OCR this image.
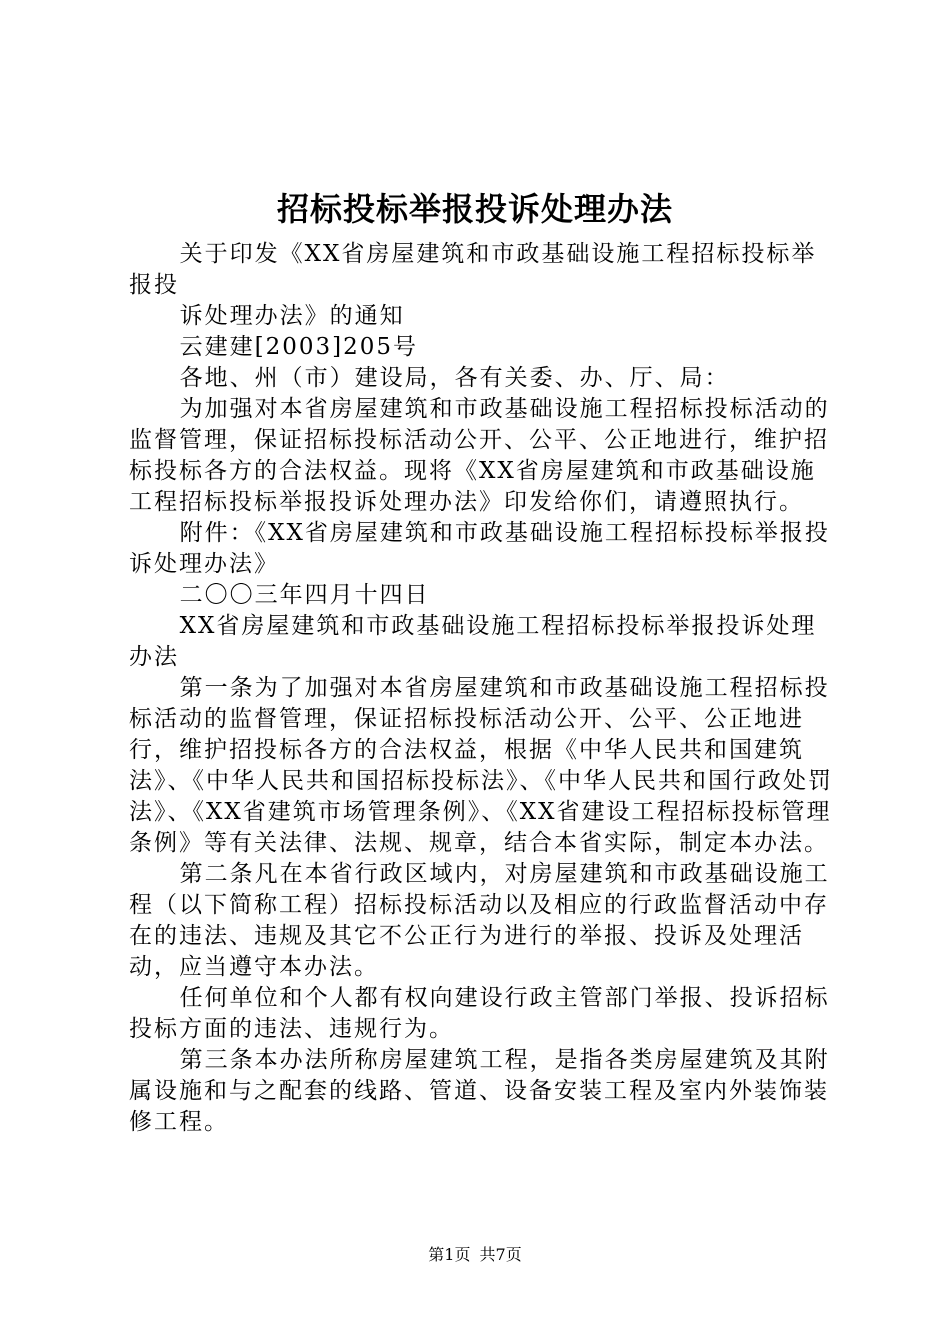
招标投标举报投诉处理办法

关于印发《XX省房屋建筑和市政基础设施工程招标投标举报投

诉处理办法》的通知

云建建[2003]205号

各地、州（市）建设局，各有关委、办、厅、局：

为加强对本省房屋建筑和市政基础设施工程招标投标活动的监督管理，保证招标投标活动公开、公平、公正地进行，维护招标投标各方的合法权益。现将《XX省房屋建筑和市政基础设施工程招标投标举报投诉处理办法》印发给你们，请遵照执行。

附件：《XX省房屋建筑和市政基础设施工程招标投标举报投诉处理办法》

二〇〇三年四月十四日

XX省房屋建筑和市政基础设施工程招标投标举报投诉处理办法

第一条为了加强对本省房屋建筑和市政基础设施工程招标投标活动的监督管理，保证招标投标活动公开、公平、公正地进行，维护招投标各方的合法权益，根据《中华人民共和国建筑法》、《中华人民共和国招标投标法》、《中华人民共和国行政处罚法》、《XX省建筑市场管理条例》、《XX省建设工程招标投标管理条例》等有关法律、法规、规章，结合本省实际，制定本办法。

第二条凡在本省行政区域内，对房屋建筑和市政基础设施工程（以下简称工程）招标投标活动以及相应的行政监督活动中存在的违法、违规及其它不公正行为进行的举报、投诉及处理活动，应当遵守本办法。

任何单位和个人都有权向建设行政主管部门举报、投诉招标投标方面的违法、违规行为。

第三条本办法所称房屋建筑工程，是指各类房屋建筑及其附属设施和与之配套的线路、管道、设备安装工程及室内外装饰装修工程。

第1页 共7页
